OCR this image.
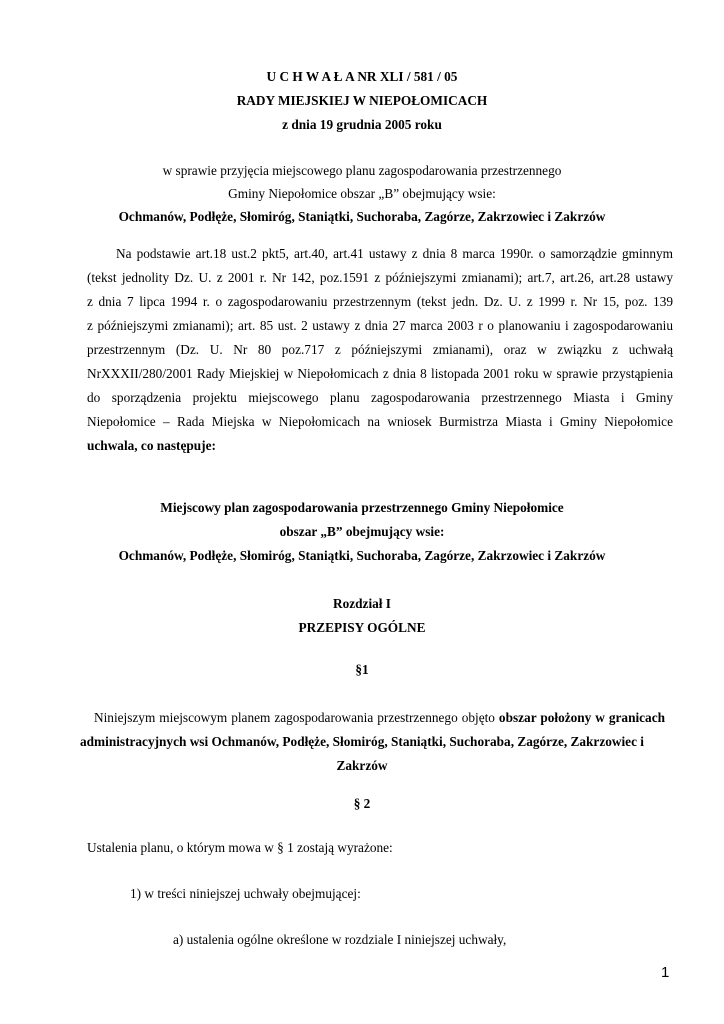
U C H W A Ł A NR XLI / 581 / 05
RADY MIEJSKIEJ W NIEPOŁOMICACH
z dnia 19 grudnia 2005 roku
w sprawie przyjęcia miejscowego planu zagospodarowania przestrzennego
Gminy Niepołomice obszar „B” obejmujący wsie:
Ochmanów, Podłęże, Słomiróg, Staniątki, Suchoraba, Zagórze, Zakrzowiec i Zakrzów
Na podstawie art.18 ust.2 pkt5, art.40, art.41 ustawy z dnia 8 marca 1990r. o samorządzie gminnym
(tekst jednolity Dz. U. z 2001 r. Nr 142, poz.1591 z późniejszymi zmianami); art.7, art.26, art.28 ustawy
z dnia 7 lipca 1994 r. o zagospodarowaniu przestrzennym (tekst jedn. Dz. U. z 1999 r. Nr 15, poz. 139
z późniejszymi zmianami); art. 85 ust. 2 ustawy z dnia 27 marca 2003 r o planowaniu i zagospodarowaniu
przestrzennym (Dz. U. Nr 80 poz.717 z późniejszymi zmianami), oraz w związku z uchwałą
NrXXXII/280/2001 Rady Miejskiej w Niepołomicach z dnia 8 listopada 2001 roku w sprawie przystąpienia
do sporządzenia projektu miejscowego planu zagospodarowania przestrzennego Miasta i Gminy
Niepołomice – Rada Miejska w Niepołomicach na wniosek Burmistrza Miasta i Gminy Niepołomice
uchwala, co następuje:
Miejscowy plan zagospodarowania przestrzennego Gminy Niepołomice
obszar „B” obejmujący wsie:
Ochmanów, Podłęże, Słomiróg, Staniątki, Suchoraba, Zagórze, Zakrzowiec i Zakrzów
Rozdział I
PRZEPISY OGÓLNE
§1
Niniejszym miejscowym planem zagospodarowania przestrzennego objęto obszar położony w granicach
administracyjnych wsi Ochmanów, Podłęże, Słomiróg, Staniątki, Suchoraba, Zagórze, Zakrzowiec i
Zakrzów
§ 2
Ustalenia planu, o którym mowa w § 1 zostają wyrażone:
1) w treści niniejszej uchwały obejmującej:
a) ustalenia ogólne określone w rozdziale I niniejszej uchwały,
1
